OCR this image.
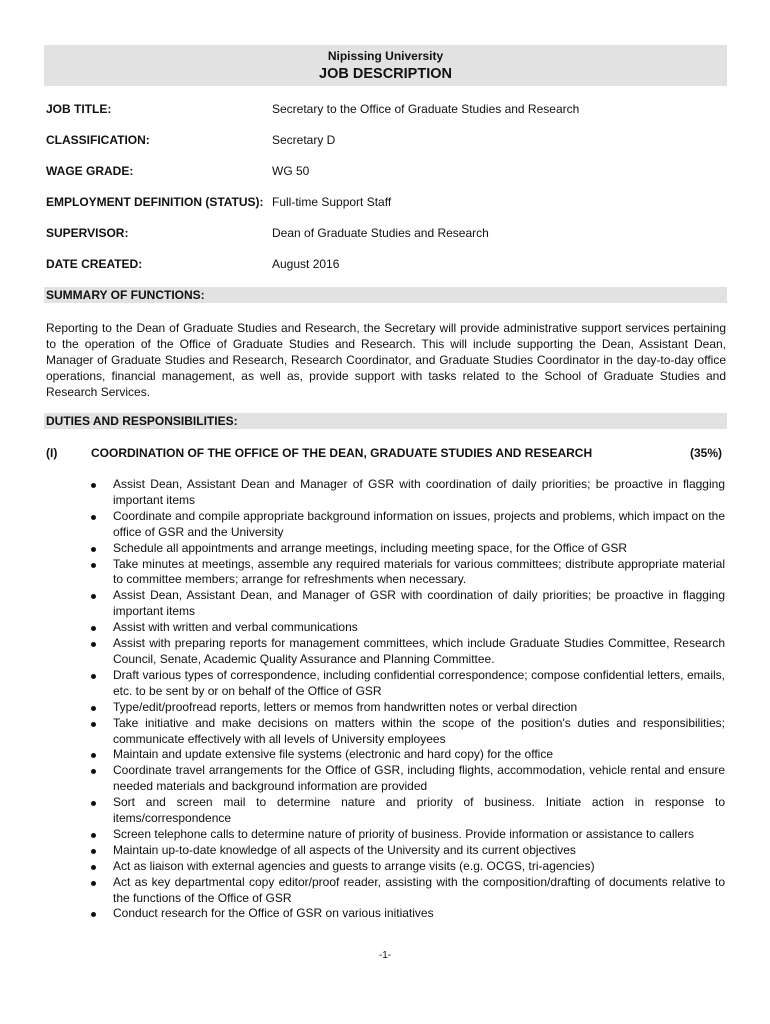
Nipissing University
JOB DESCRIPTION
JOB TITLE:	Secretary to the Office of Graduate Studies and Research
CLASSIFICATION:	Secretary D
WAGE GRADE:	WG 50
EMPLOYMENT DEFINITION (STATUS): Full-time Support Staff
SUPERVISOR:	Dean of Graduate Studies and Research
DATE CREATED:	August 2016
SUMMARY OF FUNCTIONS:

Reporting to the Dean of Graduate Studies and Research, the Secretary will provide administrative support services pertaining to the operation of the Office of Graduate Studies and Research. This will include supporting the Dean, Assistant Dean, Manager of Graduate Studies and Research, Research Coordinator, and Graduate Studies Coordinator in the day-to-day office operations, financial management, as well as, provide support with tasks related to the School of Graduate Studies and Research Services.

DUTIES AND RESPONSIBILITIES:
(I)	COORDINATION OF THE OFFICE OF THE DEAN, GRADUATE STUDIES AND RESEARCH	(35%)
Assist Dean, Assistant Dean and Manager of GSR with coordination of daily priorities; be proactive in flagging important items
Coordinate and compile appropriate background information on issues, projects and problems, which impact on the office of GSR and the University
Schedule all appointments and arrange meetings, including meeting space, for the Office of GSR
Take minutes at meetings, assemble any required materials for various committees; distribute appropriate material to committee members; arrange for refreshments when necessary.
Assist Dean, Assistant Dean, and Manager of GSR with coordination of daily priorities; be proactive in flagging important items
Assist with written and verbal communications
Assist with preparing reports for management committees, which include Graduate Studies Committee, Research Council, Senate, Academic Quality Assurance and Planning Committee.
Draft various types of correspondence, including confidential correspondence; compose confidential letters, emails, etc. to be sent by or on behalf of the Office of GSR
Type/edit/proofread reports, letters or memos from handwritten notes or verbal direction
Take initiative and make decisions on matters within the scope of the position's duties and responsibilities; communicate effectively with all levels of University employees
Maintain and update extensive file systems (electronic and hard copy) for the office
Coordinate travel arrangements for the Office of GSR, including flights, accommodation, vehicle rental and ensure needed materials and background information are provided
Sort and screen mail to determine nature and priority of business. Initiate action in response to items/correspondence
Screen telephone calls to determine nature of priority of business. Provide information or assistance to callers
Maintain up-to-date knowledge of all aspects of the University and its current objectives
Act as liaison with external agencies and guests to arrange visits (e.g. OCGS, tri-agencies)
Act as key departmental copy editor/proof reader, assisting with the composition/drafting of documents relative to the functions of the Office of GSR
Conduct research for the Office of GSR on various initiatives
-1-
